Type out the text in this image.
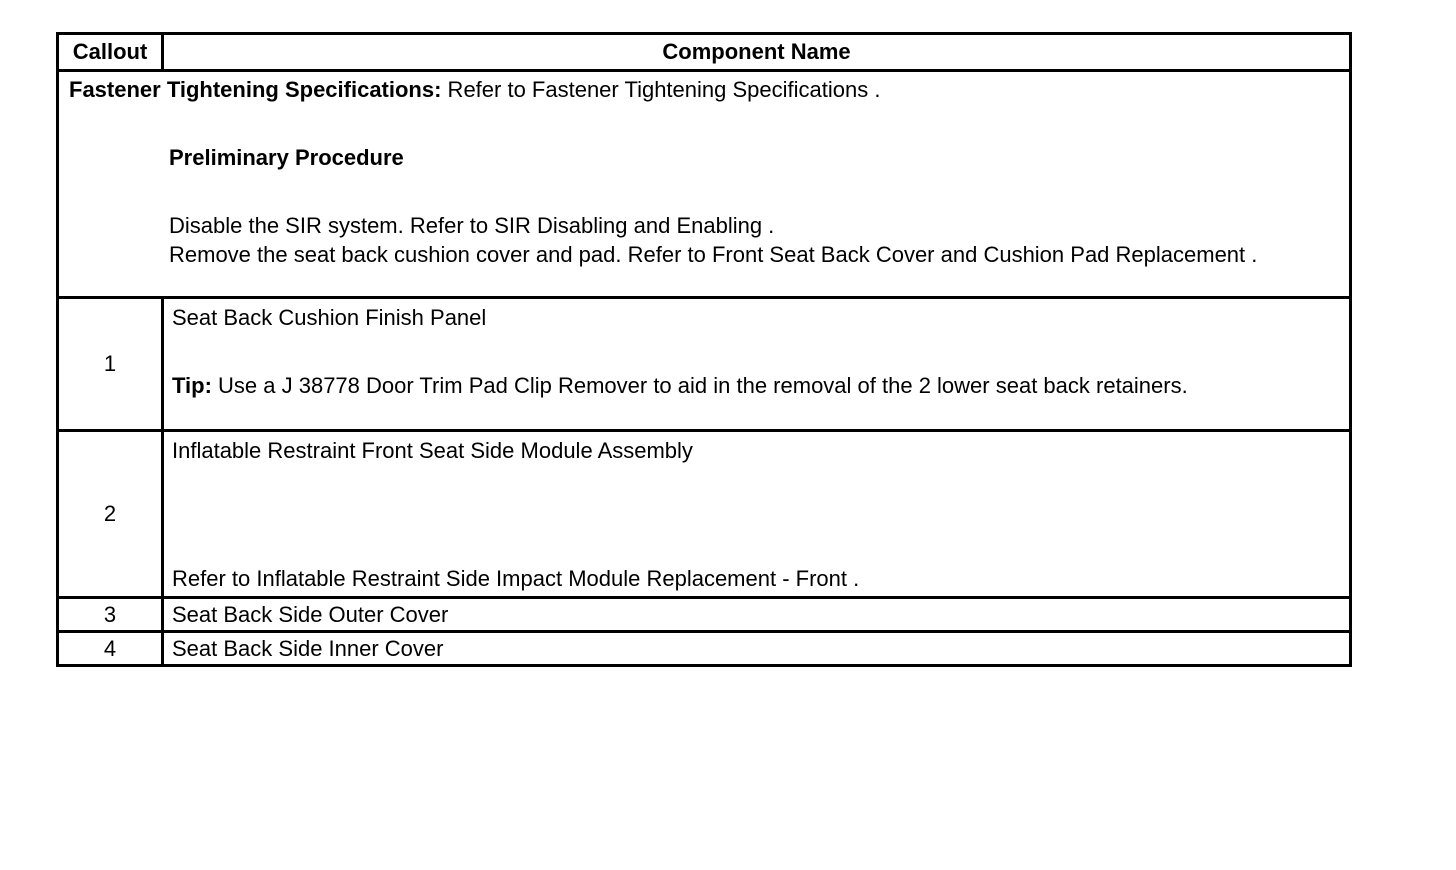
Callout	Component Name

Fastener Tightening Specifications: Refer to Fastener Tightening Specifications .
Preliminary Procedure
Disable the SIR system. Refer to SIR Disabling and Enabling .
Remove the seat back cushion cover and pad. Refer to Front Seat Back Cover and Cushion Pad Replacement .	

1	Seat Back Cushion Finish Panel
Tip: Use a J 38778 Door Trim Pad Clip Remover to aid in the removal of the 2 lower seat back retainers.

2	Inflatable Restraint Front Seat Side Module Assembly
Refer to Inflatable Restraint Side Impact Module Replacement - Front .

3	Seat Back Side Outer Cover

4	Seat Back Side Inner Cover
